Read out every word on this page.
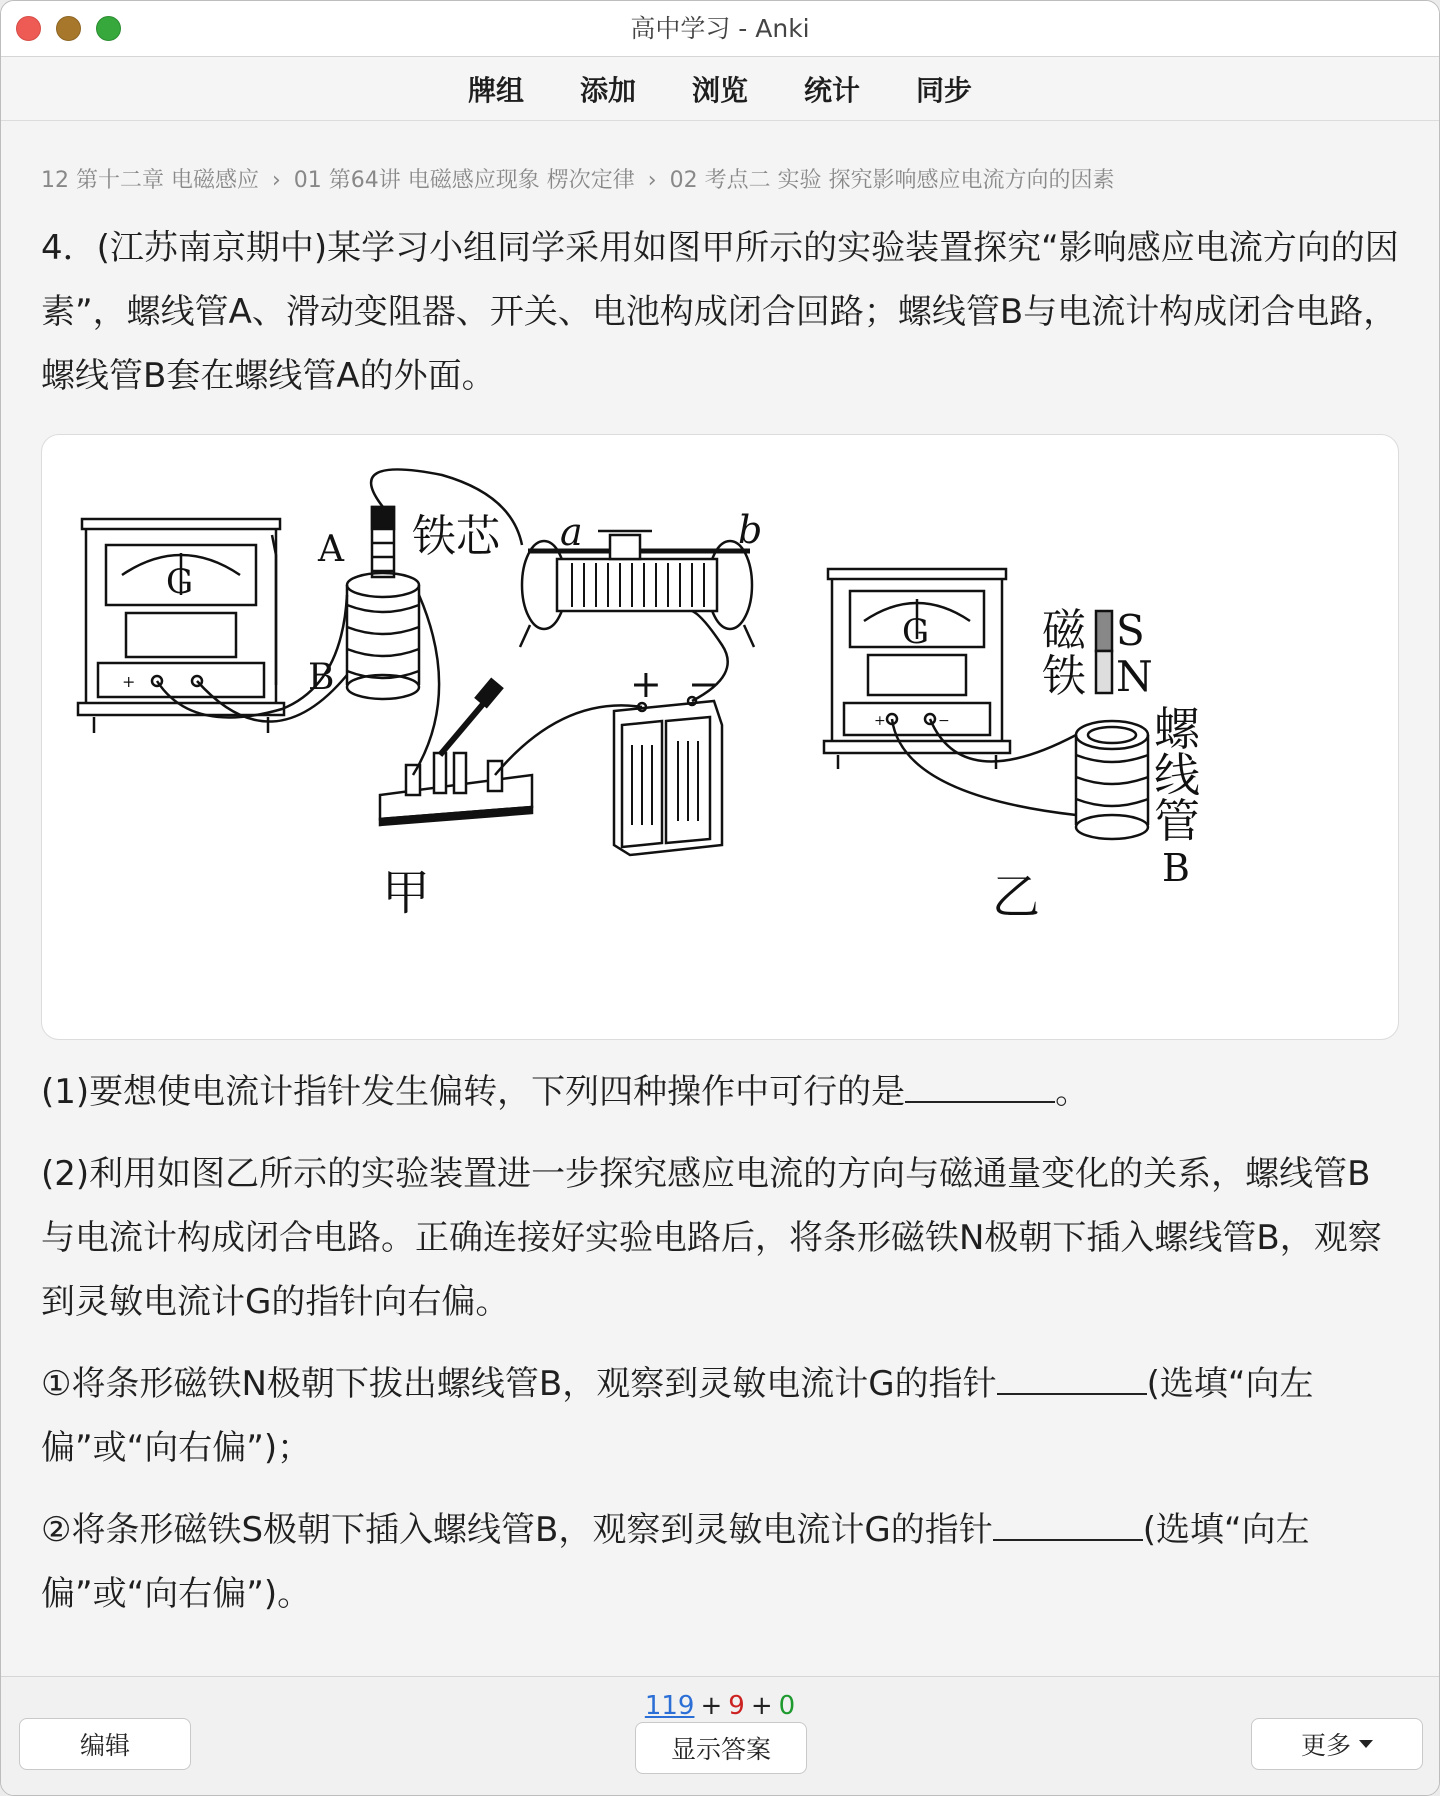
高中学习 - Anki
牌组	添加	浏览	统计	同步
12 第十二章 电磁感应 › 01 第64讲 电磁感应现象 楞次定律 › 02 考点二 实验 探究影响感应电流方向的因素
4．(江苏南京期中)某学习小组同学采用如图甲所示的实验装置探究“影响感应电流方向的因素”，螺线管A、滑动变阻器、开关、电池构成闭合回路；螺线管B与电流计构成闭合电路，螺线管B套在螺线管A的外面。
G
A
B
铁芯 a	b
+ −
甲
G	磁
铁
S
N
螺
线
管
B
乙
+
+	−
(1)要想使电流计指针发生偏转，下列四种操作中可行的是	。
(2)利用如图乙所示的实验装置进一步探究感应电流的方向与磁通量变化的关系，螺线管B与电流计构成闭合电路。正确连接好实验电路后，将条形磁铁N极朝下插入螺线管B，观察到灵敏电流计G的指针向右偏。
①将条形磁铁N极朝下拔出螺线管B，观察到灵敏电流计G的指针	(选填“向左偏”或“向右偏”)；
②将条形磁铁S极朝下插入螺线管B，观察到灵敏电流计G的指针	(选填“向左偏”或“向右偏”)。
119 + 9 + 0
编辑	显示答案	更多
